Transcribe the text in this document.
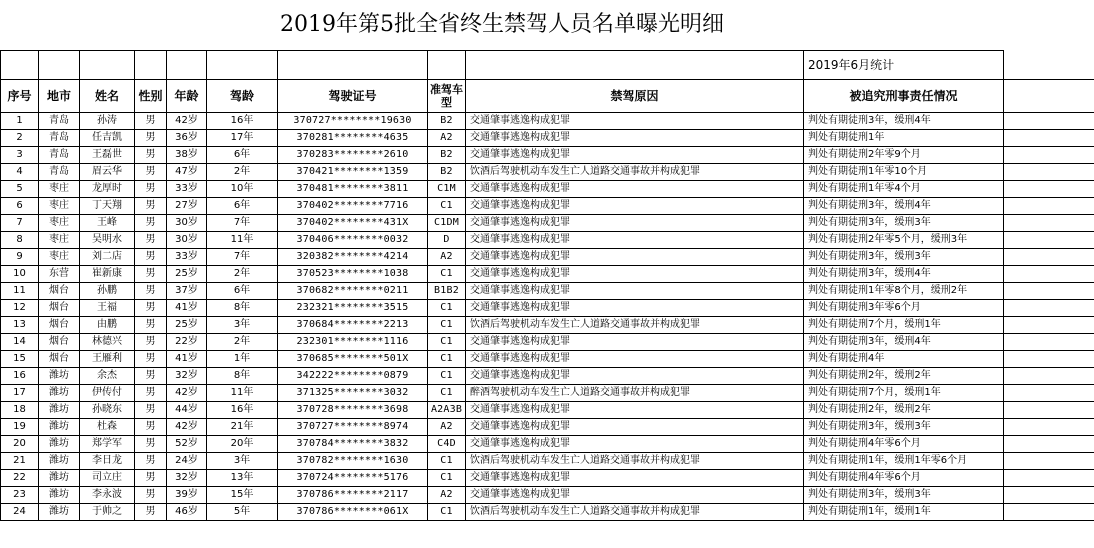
2019年第5批全省终生禁驾人员名单曝光明细										
									2019年6月统计	
序号	地市	姓名	性别	年龄	驾龄	驾驶证号	准驾车型	禁驾原因	被追究刑事责任情况	
1	青岛	孙涛	男	42岁	16年	370727********19630	B2	交通肇事逃逸构成犯罪	判处有期徒刑3年，缓刑4年	
2	青岛	任吉凯	男	36岁	17年	370281********4635	A2	交通肇事逃逸构成犯罪	判处有期徒刑1年	
3	青岛	王磊世	男	38岁	6年	370283********2610	B2	交通肇事逃逸构成犯罪	判处有期徒刑2年零9个月	
4	青岛	眉云华	男	47岁	2年	370421********1359	B2	饮酒后驾驶机动车发生亡人道路交通事故并构成犯罪	判处有期徒刑1年零10个月	
5	枣庄	龙厚时	男	33岁	10年	370481********3811	C1M	交通肇事逃逸构成犯罪	判处有期徒刑1年零4个月	
6	枣庄	丁天翔	男	27岁	6年	370402********7716	C1	交通肇事逃逸构成犯罪	判处有期徒刑3年，缓刑4年	
7	枣庄	王峰	男	30岁	7年	370402********431X	C1DM	交通肇事逃逸构成犯罪	判处有期徒刑3年，缓刑3年	
8	枣庄	吴明水	男	30岁	11年	370406********0032	D	交通肇事逃逸构成犯罪	判处有期徒刑2年零5个月，缓刑3年	
9	枣庄	刘二店	男	33岁	7年	320382********4214	A2	交通肇事逃逸构成犯罪	判处有期徒刑3年，缓刑3年	
10	东营	崔新康	男	25岁	2年	370523********1038	C1	交通肇事逃逸构成犯罪	判处有期徒刑3年，缓刑4年	
11	烟台	孙鹏	男	37岁	6年	370682********0211	B1B2	交通肇事逃逸构成犯罪	判处有期徒刑1年零8个月，缓刑2年	
12	烟台	王福	男	41岁	8年	232321********3515	C1	交通肇事逃逸构成犯罪	判处有期徒刑3年零6个月	
13	烟台	由鹏	男	25岁	3年	370684********2213	C1	饮酒后驾驶机动车发生亡人道路交通事故并构成犯罪	判处有期徒刑7个月，缓刑1年	
14	烟台	林德兴	男	22岁	2年	232301********1116	C1	交通肇事逃逸构成犯罪	判处有期徒刑3年，缓刑4年	
15	烟台	王雁利	男	41岁	1年	370685********501X	C1	交通肇事逃逸构成犯罪	判处有期徒刑4年	
16	潍坊	余杰	男	32岁	8年	342222********0879	C1	交通肇事逃逸构成犯罪	判处有期徒刑2年，缓刑2年	
17	潍坊	伊传付	男	42岁	11年	371325********3032	C1	醉酒驾驶机动车发生亡人道路交通事故并构成犯罪	判处有期徒刑7个月，缓刑1年	
18	潍坊	孙晓东	男	44岁	16年	370728********3698	A2A3B	交通肇事逃逸构成犯罪	判处有期徒刑2年，缓刑2年	
19	潍坊	杜森	男	42岁	21年	370727********8974	A2	交通肇事逃逸构成犯罪	判处有期徒刑3年，缓刑3年	
20	潍坊	郑学军	男	52岁	20年	370784********3832	C4D	交通肇事逃逸构成犯罪	判处有期徒刑4年零6个月	
21	潍坊	李日龙	男	24岁	3年	370782********1630	C1	饮酒后驾驶机动车发生亡人道路交通事故并构成犯罪	判处有期徒刑1年，缓刑1年零6个月	
22	潍坊	司立庄	男	32岁	13年	370724********5176	C1	交通肇事逃逸构成犯罪	判处有期徒刑4年零6个月	
23	潍坊	李永波	男	39岁	15年	370786********2117	A2	交通肇事逃逸构成犯罪	判处有期徒刑3年，缓刑3年	
24	潍坊	于帅之	男	46岁	5年	370786********061X	C1	饮酒后驾驶机动车发生亡人道路交通事故并构成犯罪	判处有期徒刑1年，缓刑1年	
